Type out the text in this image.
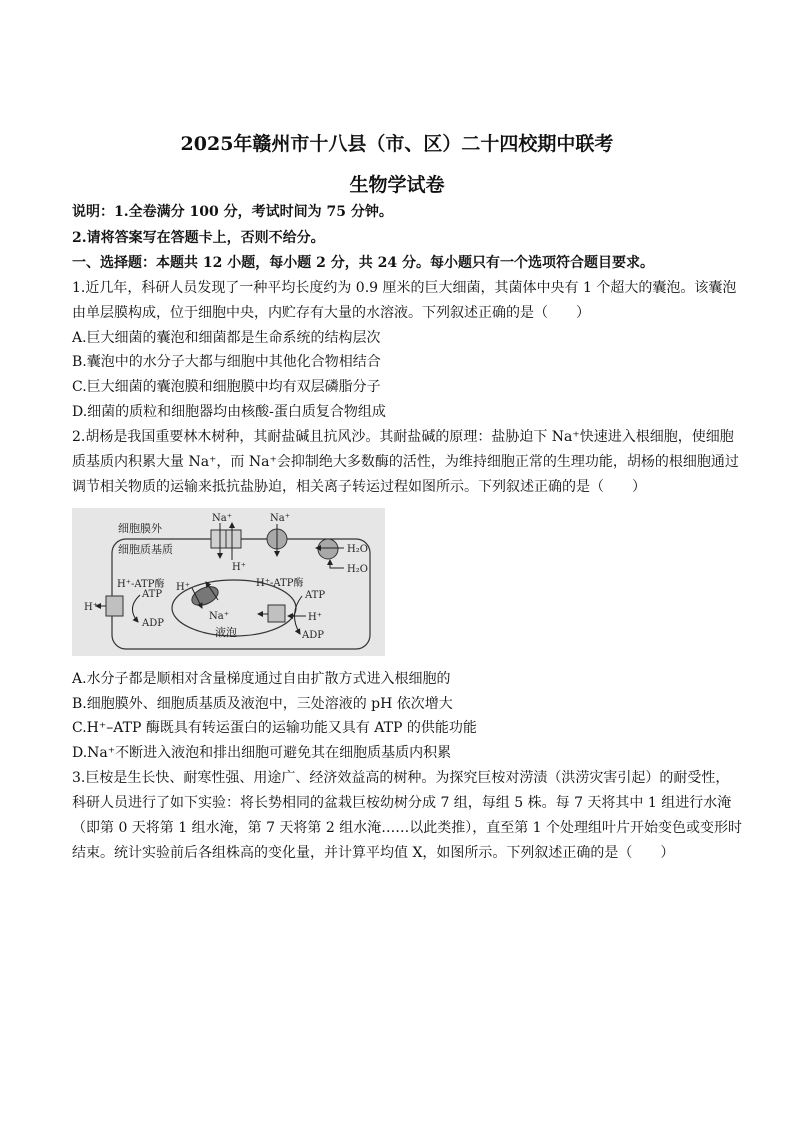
2025年赣州市十八县（市、区）二十四校期中联考
生物学试卷
说明：1.全卷满分 100 分，考试时间为 75 分钟。
2.请将答案写在答题卡上，否则不给分。
一、选择题：本题共 12 小题，每小题 2 分，共 24 分。每小题只有一个选项符合题目要求。
1.近几年，科研人员发现了一种平均长度约为 0.9 厘米的巨大细菌，其菌体中央有 1 个超大的囊泡。该囊泡
由单层膜构成，位于细胞中央，内贮存有大量的水溶液。下列叙述正确的是（　　）
A.巨大细菌的囊泡和细菌都是生命系统的结构层次
B.囊泡中的水分子大都与细胞中其他化合物相结合
C.巨大细菌的囊泡膜和细胞膜中均有双层磷脂分子
D.细菌的质粒和细胞器均由核酸-蛋白质复合物组成
2.胡杨是我国重要林木树种，其耐盐碱且抗风沙。其耐盐碱的原理：盐胁迫下 Na⁺快速进入根细胞，使细胞
质基质内积累大量 Na⁺，而 Na⁺会抑制绝大多数酶的活性，为维持细胞正常的生理功能，胡杨的根细胞通过
调节相关物质的运输来抵抗盐胁迫，相关离子转运过程如图所示。下列叙述正确的是（　　）
细胞膜外
细胞质基质
Na⁺
H⁺
Na⁺
H₂O
H₂O
H⁺-ATP酶
H⁺
ATP
ADP
H⁺
Na⁺
液泡
H⁺-ATP酶
ATP
H⁺
ADP
A.水分子都是顺相对含量梯度通过自由扩散方式进入根细胞的
B.细胞膜外、细胞质基质及液泡中，三处溶液的 pH 依次增大
C.H⁺–ATP 酶既具有转运蛋白的运输功能又具有 ATP 的供能功能
D.Na⁺不断进入液泡和排出细胞可避免其在细胞质基质内积累
3.巨桉是生长快、耐寒性强、用途广、经济效益高的树种。为探究巨桉对涝渍（洪涝灾害引起）的耐受性，
科研人员进行了如下实验：将长势相同的盆栽巨桉幼树分成 7 组，每组 5 株。每 7 天将其中 1 组进行水淹
（即第 0 天将第 1 组水淹，第 7 天将第 2 组水淹……以此类推），直至第 1 个处理组叶片开始变色或变形时
结束。统计实验前后各组株高的变化量，并计算平均值 X，如图所示。下列叙述正确的是（　　）
